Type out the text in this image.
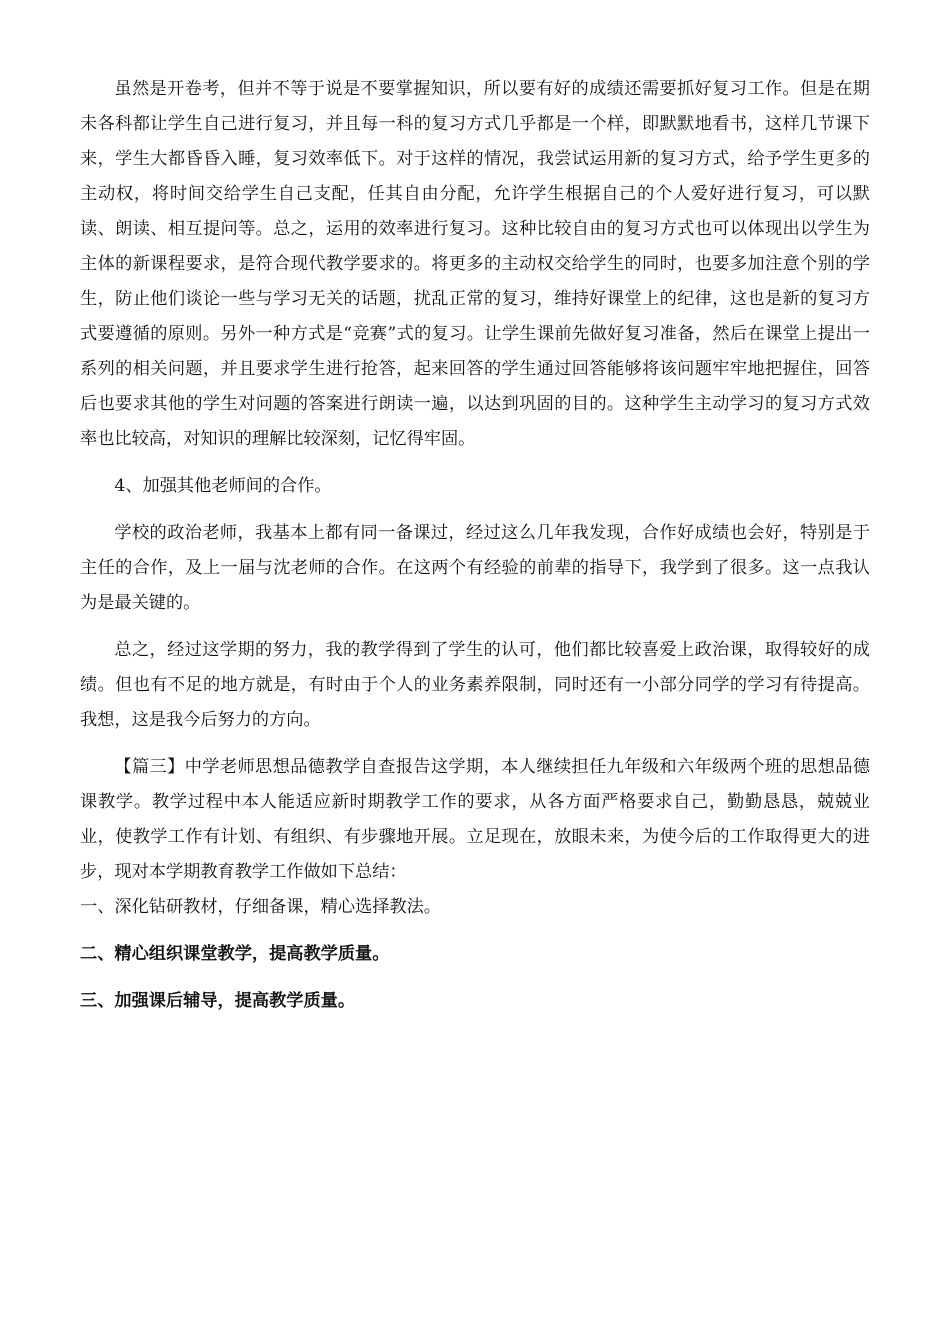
虽然是开卷考，但并不等于说是不要掌握知识，所以要有好的成绩还需要抓好复习工作。但是在期未各科都让学生自己进行复习，并且每一科的复习方式几乎都是一个样，即默默地看书，这样几节课下来，学生大都昏昏入睡，复习效率低下。对于这样的情况，我尝试运用新的复习方式，给予学生更多的主动权，将时间交给学生自己支配，任其自由分配，允许学生根据自己的个人爱好进行复习，可以默读、朗读、相互提问等。总之，运用的效率进行复习。这种比较自由的复习方式也可以体现出以学生为主体的新课程要求，是符合现代教学要求的。将更多的主动权交给学生的同时，也要多加注意个别的学生，防止他们谈论一些与学习无关的话题，扰乱正常的复习，维持好课堂上的纪律，这也是新的复习方式要遵循的原则。另外一种方式是“竞赛”式的复习。让学生课前先做好复习准备，然后在课堂上提出一系列的相关问题，并且要求学生进行抢答，起来回答的学生通过回答能够将该问题牢牢地把握住，回答后也要求其他的学生对问题的答案进行朗读一遍，以达到巩固的目的。这种学生主动学习的复习方式效率也比较高，对知识的理解比较深刻，记忆得牢固。

4、加强其他老师间的合作。

学校的政治老师，我基本上都有同一备课过，经过这么几年我发现，合作好成绩也会好，特别是于主任的合作，及上一届与沈老师的合作。在这两个有经验的前辈的指导下，我学到了很多。这一点我认为是最关键的。

总之，经过这学期的努力，我的教学得到了学生的认可，他们都比较喜爱上政治课，取得较好的成绩。但也有不足的地方就是，有时由于个人的业务素养限制，同时还有一小部分同学的学习有待提高。我想，这是我今后努力的方向。

【篇三】中学老师思想品德教学自查报告这学期，本人继续担任九年级和六年级两个班的思想品德课教学。教学过程中本人能适应新时期教学工作的要求，从各方面严格要求自己，勤勤恳恳，兢兢业业，使教学工作有计划、有组织、有步骤地开展。立足现在，放眼未来，为使今后的工作取得更大的进步，现对本学期教育教学工作做如下总结：

一、深化钻研教材，仔细备课，精心选择教法。
二、精心组织课堂教学，提高教学质量。
三、加强课后辅导，提高教学质量。
